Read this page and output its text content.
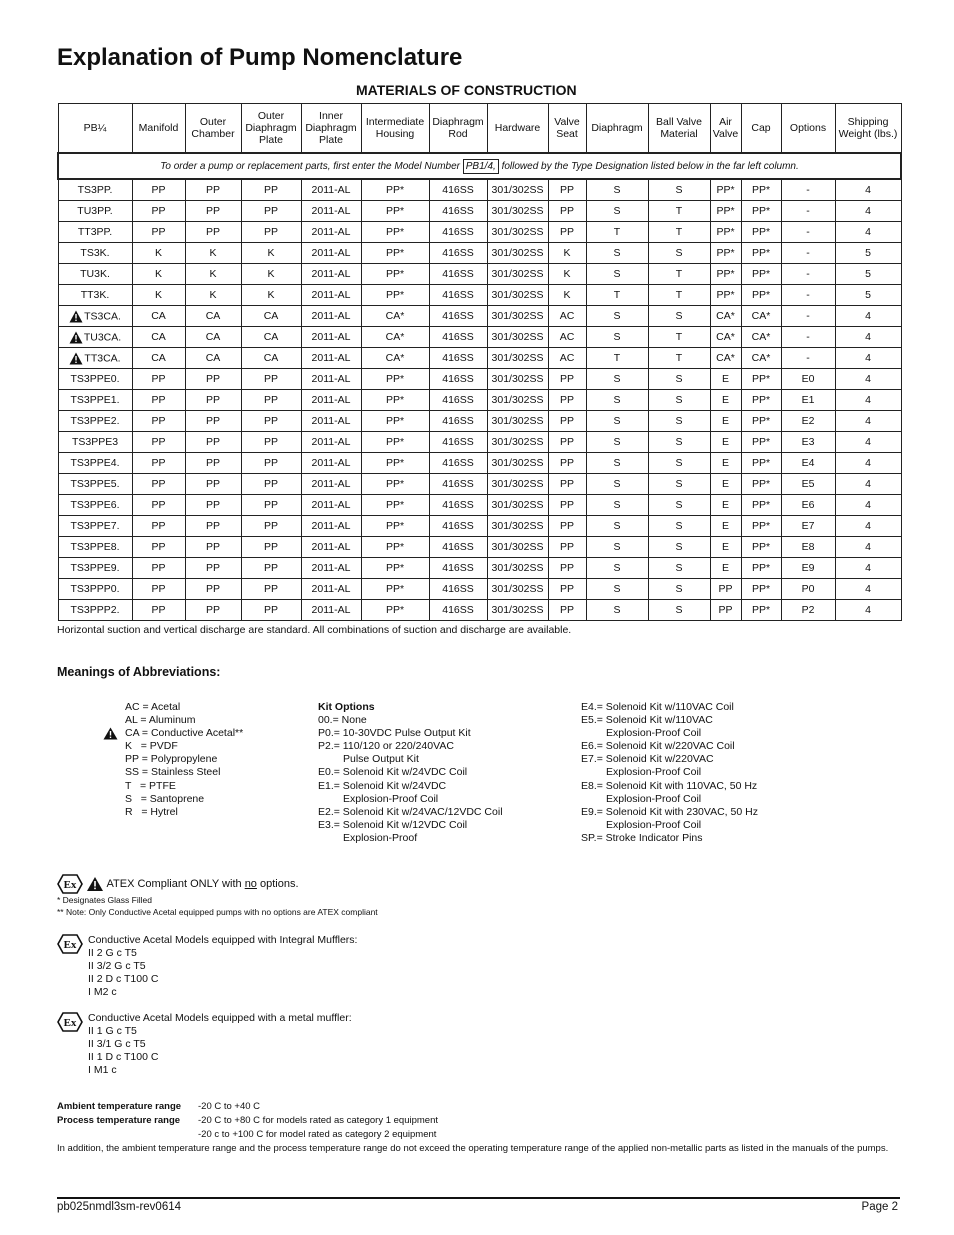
Explanation of Pump Nomenclature
MATERIALS OF CONSTRUCTION
To order a pump or replacement parts, first enter the Model Number PB1/4, followed by the Type Designation listed below in the far left column.														
PB¼	Manifold	Outer Chamber	Outer Diaphragm Plate	Inner Diaphragm Plate	Intermediate Housing	Diaphragm Rod	Hardware	Valve Seat	Diaphragm	Ball Valve Material	Air Valve	Cap	Options	Shipping Weight (lbs.)
TS3PP.	PP	PP	PP	2011-AL	PP*	416SS	301/302SS	PP	S	S	PP*	PP*	-	4
TU3PP.	PP	PP	PP	2011-AL	PP*	416SS	301/302SS	PP	S	T	PP*	PP*	-	4
TT3PP.	PP	PP	PP	2011-AL	PP*	416SS	301/302SS	PP	T	T	PP*	PP*	-	4
TS3K.	K	K	K	2011-AL	PP*	416SS	301/302SS	K	S	S	PP*	PP*	-	5
TU3K.	K	K	K	2011-AL	PP*	416SS	301/302SS	K	S	T	PP*	PP*	-	5
TT3K.	K	K	K	2011-AL	PP*	416SS	301/302SS	K	T	T	PP*	PP*	-	5
TS3CA.	CA	CA	CA	2011-AL	CA*	416SS	301/302SS	AC	S	S	CA*	CA*	-	4
TU3CA.	CA	CA	CA	2011-AL	CA*	416SS	301/302SS	AC	S	T	CA*	CA*	-	4
TT3CA.	CA	CA	CA	2011-AL	CA*	416SS	301/302SS	AC	T	T	CA*	CA*	-	4
TS3PPE0.	PP	PP	PP	2011-AL	PP*	416SS	301/302SS	PP	S	S	E	PP*	E0	4
TS3PPE1.	PP	PP	PP	2011-AL	PP*	416SS	301/302SS	PP	S	S	E	PP*	E1	4
TS3PPE2.	PP	PP	PP	2011-AL	PP*	416SS	301/302SS	PP	S	S	E	PP*	E2	4
TS3PPE3	PP	PP	PP	2011-AL	PP*	416SS	301/302SS	PP	S	S	E	PP*	E3	4
TS3PPE4.	PP	PP	PP	2011-AL	PP*	416SS	301/302SS	PP	S	S	E	PP*	E4	4
TS3PPE5.	PP	PP	PP	2011-AL	PP*	416SS	301/302SS	PP	S	S	E	PP*	E5	4
TS3PPE6.	PP	PP	PP	2011-AL	PP*	416SS	301/302SS	PP	S	S	E	PP*	E6	4
TS3PPE7.	PP	PP	PP	2011-AL	PP*	416SS	301/302SS	PP	S	S	E	PP*	E7	4
TS3PPE8.	PP	PP	PP	2011-AL	PP*	416SS	301/302SS	PP	S	S	E	PP*	E8	4
TS3PPE9.	PP	PP	PP	2011-AL	PP*	416SS	301/302SS	PP	S	S	E	PP*	E9	4
TS3PPP0.	PP	PP	PP	2011-AL	PP*	416SS	301/302SS	PP	S	S	PP	PP*	P0	4
TS3PPP2.	PP	PP	PP	2011-AL	PP*	416SS	301/302SS	PP	S	S	PP	PP*	P2	4
Horizontal suction and vertical discharge are standard. All combinations of suction and discharge are available.
Meanings of Abbreviations:
AC = Acetal
AL = Aluminum
CA = Conductive Acetal**
K   = PVDF
PP = Polypropylene
SS = Stainless Steel
T   = PTFE
S   = Santoprene
R   = Hytrel
Kit Options
00.= None
P0.= 10-30VDC Pulse Output Kit
P2.= 110/120 or 220/240VAC
Pulse Output Kit
E0.= Solenoid Kit w/24VDC Coil
E1.= Solenoid Kit w/24VDC
Explosion-Proof Coil
E2.= Solenoid Kit w/24VAC/12VDC Coil
E3.= Solenoid Kit w/12VDC Coil
Explosion-Proof
E4.= Solenoid Kit w/110VAC Coil
E5.= Solenoid Kit w/110VAC
Explosion-Proof Coil
E6.= Solenoid Kit w/220VAC Coil
E7.= Solenoid Kit w/220VAC
Explosion-Proof Coil
E8.= Solenoid Kit with 110VAC, 50 Hz
Explosion-Proof Coil
E9.= Solenoid Kit with 230VAC, 50 Hz
Explosion-Proof Coil
SP.= Stroke Indicator Pins
Ex	ATEX Compliant ONLY with no options.
* Designates Glass Filled
** Note: Only Conductive Acetal equipped pumps with no options are ATEX compliant
Ex Conductive Acetal Models equipped with Integral Mufflers:
II 2 G c T5
II 3/2 G c T5
II 2 D c T100 C
I M2 c
Ex Conductive Acetal Models equipped with a metal muffler:
II 1 G c T5
II 3/1 G c T5
II 1 D c T100 C
I M1 c
Ambient temperature range -20 C to +40 C
Process temperature range -20 C to +80 C for models rated as category 1 equipment
-20 c to +100 C for model rated as category 2 equipment
In addition, the ambient temperature range and the process temperature range do not exceed the operating temperature range of the applied non-metallic parts as listed in the manuals of the pumps.
pb025nmdl3sm-rev0614	Page 2
